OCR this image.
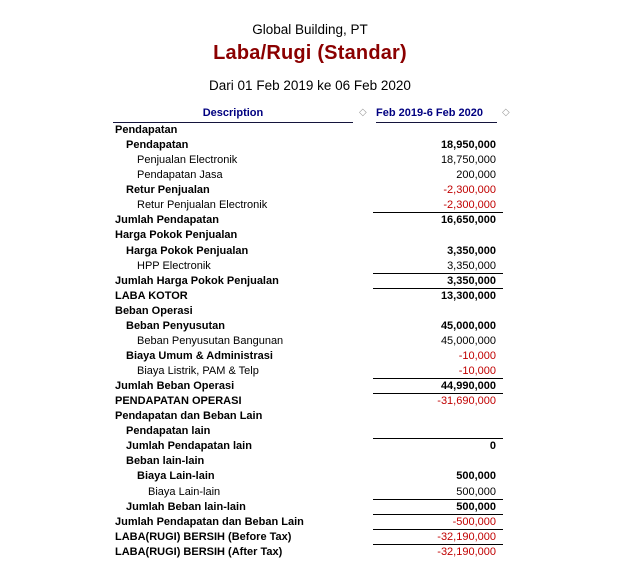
Global Building, PT
Laba/Rugi (Standar)
Dari 01 Feb 2019 ke 06 Feb 2020
Description	◇ Feb 2019-6 Feb 2020	◇
Pendapatan
Pendapatan	18,950,000
Penjualan Electronik	18,750,000
Pendapatan Jasa	200,000
Retur Penjualan	-2,300,000
Retur Penjualan Electronik	-2,300,000
Jumlah Pendapatan	16,650,000
Harga Pokok Penjualan
Harga Pokok Penjualan	3,350,000
HPP Electronik	3,350,000
Jumlah Harga Pokok Penjualan	3,350,000
LABA KOTOR	13,300,000
Beban Operasi
Beban Penyusutan	45,000,000
Beban Penyusutan Bangunan	45,000,000
Biaya Umum & Administrasi	-10,000
Biaya Listrik, PAM & Telp	-10,000
Jumlah Beban Operasi	44,990,000
PENDAPATAN OPERASI	-31,690,000
Pendapatan dan Beban Lain
Pendapatan lain
Jumlah Pendapatan lain	0
Beban lain-lain
Biaya Lain-lain	500,000
Biaya Lain-lain	500,000
Jumlah Beban lain-lain	500,000
Jumlah Pendapatan dan Beban Lain	-500,000
LABA(RUGI) BERSIH (Before Tax)	-32,190,000
LABA(RUGI) BERSIH (After Tax)	-32,190,000
